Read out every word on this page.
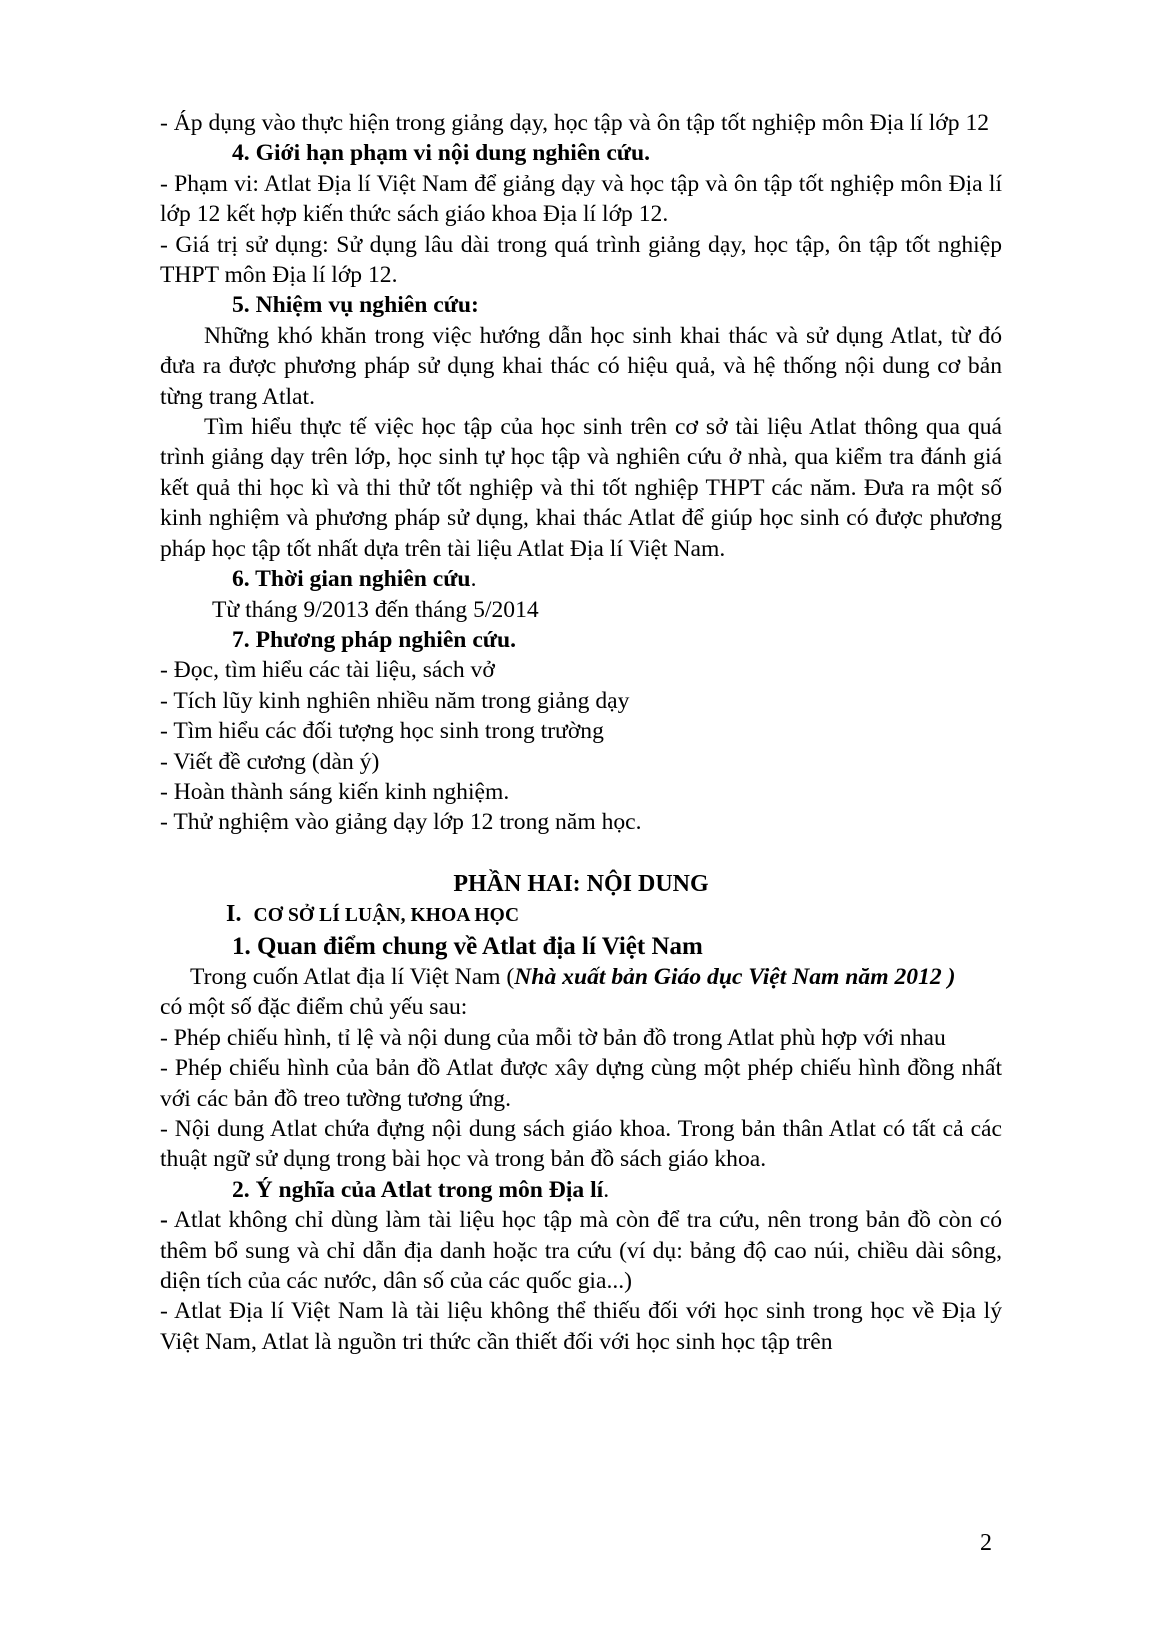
- Áp dụng vào thực hiện trong giảng dạy, học tập và ôn tập tốt nghiệp môn Địa lí lớp 12

4. Giới hạn phạm vi nội dung nghiên cứu.

- Phạm vi: Atlat Địa lí Việt Nam để giảng dạy và học tập và ôn tập tốt nghiệp môn Địa lí lớp 12 kết hợp kiến thức sách giáo khoa Địa lí lớp 12.

- Giá trị sử dụng: Sử dụng lâu dài trong quá trình giảng dạy, học tập, ôn tập tốt nghiệp THPT môn Địa lí lớp 12.

5. Nhiệm vụ nghiên cứu:

Những khó khăn trong việc hướng dẫn học sinh khai thác và sử dụng Atlat, từ đó đưa ra được phương pháp sử dụng khai thác có hiệu quả, và hệ thống nội dung cơ bản từng trang Atlat.

Tìm hiểu thực tế việc học tập của học sinh trên cơ sở tài liệu Atlat thông qua quá trình giảng dạy trên lớp, học sinh tự học tập và nghiên cứu ở nhà, qua kiểm tra đánh giá kết quả thi học kì và thi thử tốt nghiệp và thi tốt nghiệp THPT các năm. Đưa ra một số kinh nghiệm và phương pháp sử dụng, khai thác Atlat để giúp học sinh có được phương pháp học tập tốt nhất dựa trên tài liệu Atlat Địa lí Việt Nam.

6. Thời gian nghiên cứu.

Từ tháng 9/2013 đến tháng 5/2014

7. Phương pháp nghiên cứu.

- Đọc, tìm hiểu các tài liệu, sách vở

- Tích lũy kinh nghiên nhiều năm trong giảng dạy

- Tìm hiểu các đối tượng học sinh trong trường

- Viết đề cương (dàn ý)

- Hoàn thành sáng kiến kinh nghiệm.

- Thử nghiệm vào giảng dạy lớp 12 trong năm học.

PHẦN HAI: NỘI DUNG

I. CƠ SỞ LÍ LUẬN, KHOA HỌC

1. Quan điểm chung về Atlat địa lí Việt Nam

Trong cuốn Atlat địa lí Việt Nam (Nhà xuất bản Giáo dục Việt Nam năm 2012 )

có một số đặc điểm chủ yếu sau:

- Phép chiếu hình, tỉ lệ và nội dung của mỗi tờ bản đồ trong Atlat phù hợp với nhau

- Phép chiếu hình của bản đồ Atlat được xây dựng cùng một phép chiếu hình đồng nhất với các bản đồ treo tường tương ứng.

- Nội dung Atlat chứa đựng nội dung sách giáo khoa. Trong bản thân Atlat có tất cả các thuật ngữ sử dụng trong bài học và trong bản đồ sách giáo khoa.

2. Ý nghĩa của Atlat trong môn Địa lí.

- Atlat không chỉ dùng làm tài liệu học tập mà còn để tra cứu, nên trong bản đồ còn có thêm bổ sung và chỉ dẫn địa danh hoặc tra cứu (ví dụ: bảng độ cao núi, chiều dài sông, diện tích của các nước, dân số của các quốc gia...)

- Atlat Địa lí Việt Nam là tài liệu không thể thiếu đối với học sinh trong học về Địa lý Việt Nam, Atlat là nguồn tri thức cần thiết đối với học sinh học tập trên

2
